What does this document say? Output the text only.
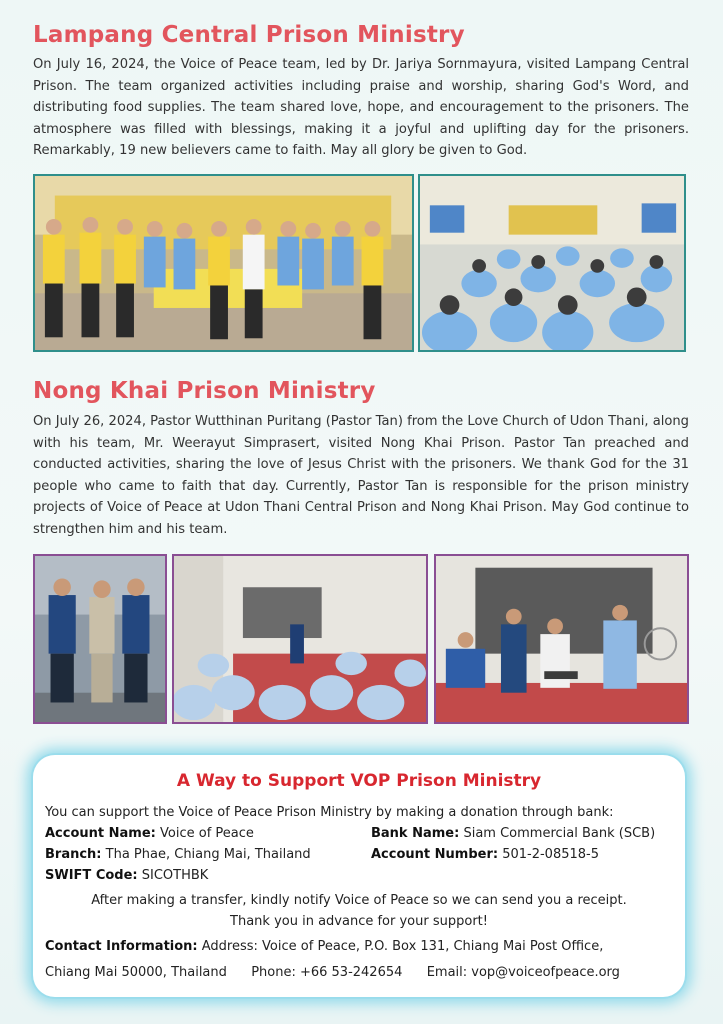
Lampang Central Prison Ministry
On July 16, 2024, the Voice of Peace team, led by Dr. Jariya Sornmayura, visited Lampang Central Prison. The team organized activities including praise and worship, sharing God's Word, and distributing food supplies. The team shared love, hope, and encouragement to the prisoners. The atmosphere was filled with blessings, making it a joyful and uplifting day for the prisoners. Remarkably, 19 new believers came to faith. May all glory be given to God.
Nong Khai Prison Ministry
On July 26, 2024, Pastor Wutthinan Puritang (Pastor Tan) from the Love Church of Udon Thani, along with his team, Mr. Weerayut Simprasert, visited Nong Khai Prison. Pastor Tan preached and conducted activities, sharing the love of Jesus Christ with the prisoners. We thank God for the 31 people who came to faith that day. Currently, Pastor Tan is responsible for the prison ministry projects of Voice of Peace at Udon Thani Central Prison and Nong Khai Prison. May God continue to strengthen him and his team.
A Way to Support VOP Prison Ministry
You can support the Voice of Peace Prison Ministry by making a donation through bank:
Account Name: Voice of Peace	Bank Name: Siam Commercial Bank (SCB)
Branch: Tha Phae, Chiang Mai, Thailand	Account Number: 501-2-08518-5
SWIFT Code: SICOTHBK
After making a transfer, kindly notify Voice of Peace so we can send you a receipt.
Thank you in advance for your support!
Contact Information: Address: Voice of Peace, P.O. Box 131, Chiang Mai Post Office,
Chiang Mai 50000, Thailand Phone: +66 53-242654 Email: vop@voiceofpeace.org
